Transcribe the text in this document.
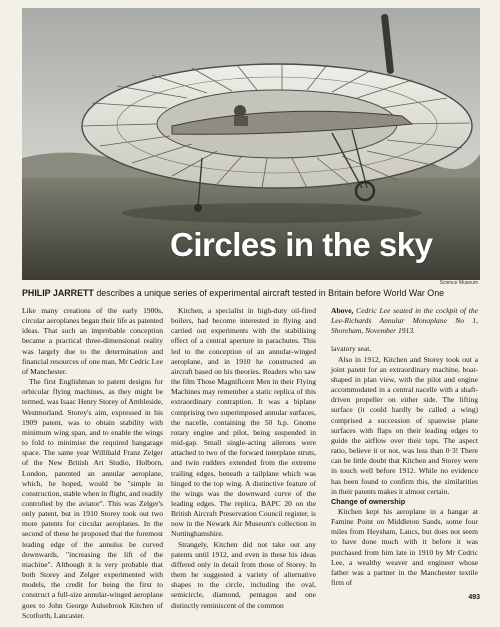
Circles in the sky
Science Museum
PHILIP JARRETT describes a unique series of experimental aircraft tested in Britain before World War One

Like many creations of the early 1900s, circular aeroplanes began their life as patented ideas. That such an improbable conception became a practical three-dimensional reality was largely due to the determination and financial resources of one man, Mr Cedric Lee of Manchester.

The first Englishman to patent designs for orbicular flying machines, as they might be termed, was Isaac Henry Storey of Ambleside, Westmorland. Storey's aim, expressed in his 1909 patent, was to obtain stability with minimum wing span, and to enable the wings to fold to minimise the required hangarage space. The same year Willibald Franz Zelger of the New British Art Studio, Holborn, London, patented an annular aeroplane, which, he hoped, would be "simple in construction, stable when in flight, and readily controlled by the aviator". This was Zelger's only patent, but in 1910 Storey took out two more patents for circular aeroplanes. In the second of these he proposed that the foremost leading edge of the annulus be curved downwards, "increasing the lift of the machine". Although it is very probable that both Storey and Zelger experimented with models, the credit for being the first to construct a full-size annular-winged aeroplane goes to John George Aulsebrook Kitchen of Scotforth, Lancaster.

Kitchen, a specialist in high-duty oil-fired boilers, had become interested in flying and carried out experiments with the stabilising effect of a central aperture in parachutes. This led to the conception of an annular-winged aeroplane, and in 1910 he constructed an aircraft based on his theories. Readers who saw the film Those Magnificent Men in their Flying Machines may remember a static replica of this extraordinary contraption. It was a biplane comprising two superimposed annular surfaces, the nacelle, containing the 50 h.p. Gnome rotary engine and pilot, being suspended in mid-gap. Small single-acting ailerons were attached to two of the forward interplane struts, and twin rudders extended from the extreme trailing edges, beneath a tailplane which was hinged to the top wing. A distinctive feature of the wings was the downward curve of the leading edges. The replica, BAPC 20 on the British Aircraft Preservation Council register, is now in the Newark Air Museum's collection in Nottinghamshire.

Strangely, Kitchen did not take out any patents until 1912, and even in these his ideas differed only in detail from those of Storey. In them he suggested a variety of alternative shapes to the circle, including the oval, semicircle, diamond, pentagon and one distinctly reminiscent of the common

Above, Cedric Lee seated in the cockpit of the Lee-Richards Annular Monoplane No 1, Shoreham, November 1913.

lavatory seat.

Also in 1912, Kitchen and Storey took out a joint patent for an extraordinary machine, boat-shaped in plan view, with the pilot and engine accommodated in a central nacelle with a shaft-driven propeller on either side. The lifting surface (it could hardly be called a wing) comprised a succession of spanwise plane surfaces with flaps on their leading edges to guide the airflow over their tops. The aspect ratio, believe it or not, was less than 0·3! There can be little doubt that Kitchen and Storey were in touch well before 1912. While no evidence has been found to confirm this, the similarities in their patents makes it almost certain.

Change of ownership

Kitchen kept his aeroplane in a hangar at Famine Point on Middleton Sands, some four miles from Heysham, Lancs, but does not seem to have done much with it before it was purchased from him late in 1910 by Mr Cedric Lee, a wealthy weaver and engineer whose father was a partner in the Manchester textile firm of

493
